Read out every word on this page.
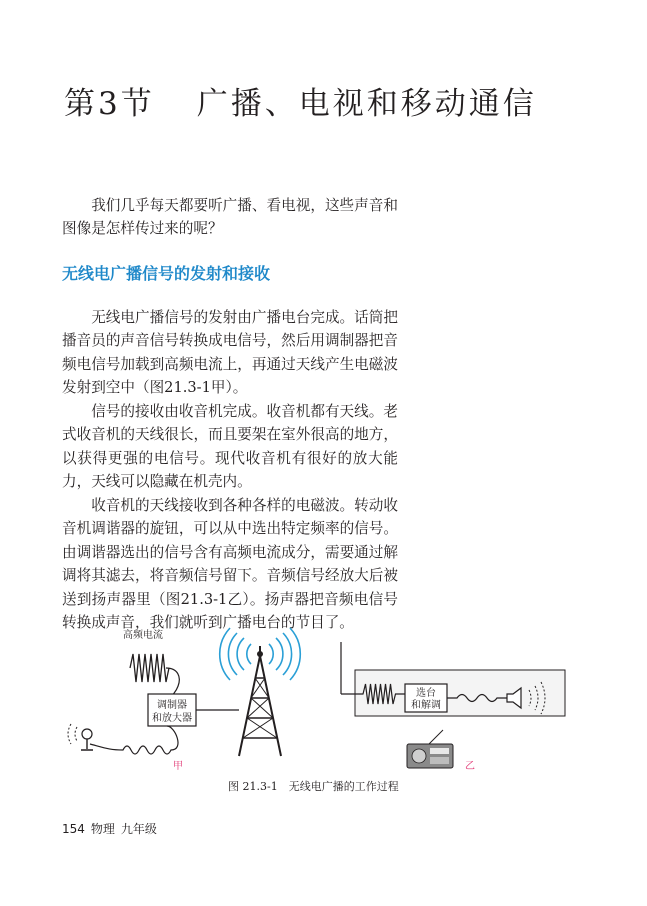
第3节 广播、电视和移动通信
我们几乎每天都要听广播、看电视，这些声音和图像是怎样传过来的呢？
无线电广播信号的发射和接收
无线电广播信号的发射由广播电台完成。话筒把播音员的声音信号转换成电信号，然后用调制器把音频电信号加载到高频电流上，再通过天线产生电磁波发射到空中（图21.3-1甲）。
信号的接收由收音机完成。收音机都有天线。老式收音机的天线很长，而且要架在室外很高的地方，以获得更强的电信号。现代收音机有很好的放大能力，天线可以隐藏在机壳内。
收音机的天线接收到各种各样的电磁波。转动收音机调谐器的旋钮，可以从中选出特定频率的信号。由调谐器选出的信号含有高频电流成分，需要通过解调将其滤去，将音频信号留下。音频信号经放大后被送到扬声器里（图21.3-1乙）。扬声器把音频电信号转换成声音，我们就听到广播电台的节目了。
高频电流
调制器
和放大器
甲
选台
和解调
乙
图 21.3-1　无线电广播的工作过程
154 物理 九年级
